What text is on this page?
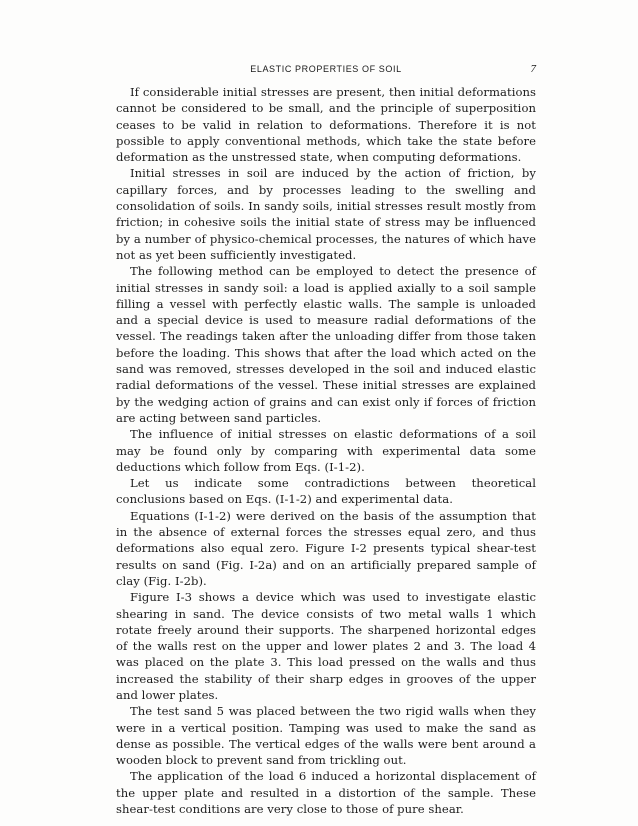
ELASTIC PROPERTIES OF SOIL	7

If considerable initial stresses are present, then initial deformations cannot be considered to be small, and the principle of superposition ceases to be valid in relation to deformations. Therefore it is not possible to apply conventional methods, which take the state before deformation as the unstressed state, when computing deformations.

Initial stresses in soil are induced by the action of friction, by capillary forces, and by processes leading to the swelling and consolidation of soils. In sandy soils, initial stresses result mostly from friction; in cohesive soils the initial state of stress may be influenced by a number of physico-chemical processes, the natures of which have not as yet been sufficiently investigated.

The following method can be employed to detect the presence of initial stresses in sandy soil: a load is applied axially to a soil sample filling a vessel with perfectly elastic walls. The sample is unloaded and a special device is used to measure radial deformations of the vessel. The readings taken after the unloading differ from those taken before the loading. This shows that after the load which acted on the sand was removed, stresses developed in the soil and induced elastic radial deformations of the vessel. These initial stresses are explained by the wedging action of grains and can exist only if forces of friction are acting between sand particles.

The influence of initial stresses on elastic deformations of a soil may be found only by comparing with experimental data some deductions which follow from Eqs. (I-1-2).

Let us indicate some contradictions between theoretical conclusions based on Eqs. (I-1-2) and experimental data.

Equations (I-1-2) were derived on the basis of the assumption that in the absence of external forces the stresses equal zero, and thus deformations also equal zero. Figure I-2 presents typical shear-test results on sand (Fig. I-2a) and on an artificially prepared sample of clay (Fig. I-2b).

Figure I-3 shows a device which was used to investigate elastic shearing in sand. The device consists of two metal walls 1 which rotate freely around their supports. The sharpened horizontal edges of the walls rest on the upper and lower plates 2 and 3. The load 4 was placed on the plate 3. This load pressed on the walls and thus increased the stability of their sharp edges in grooves of the upper and lower plates.

The test sand 5 was placed between the two rigid walls when they were in a vertical position. Tamping was used to make the sand as dense as possible. The vertical edges of the walls were bent around a wooden block to prevent sand from trickling out.

The application of the load 6 induced a horizontal displacement of the upper plate and resulted in a distortion of the sample. These shear-test conditions are very close to those of pure shear.
